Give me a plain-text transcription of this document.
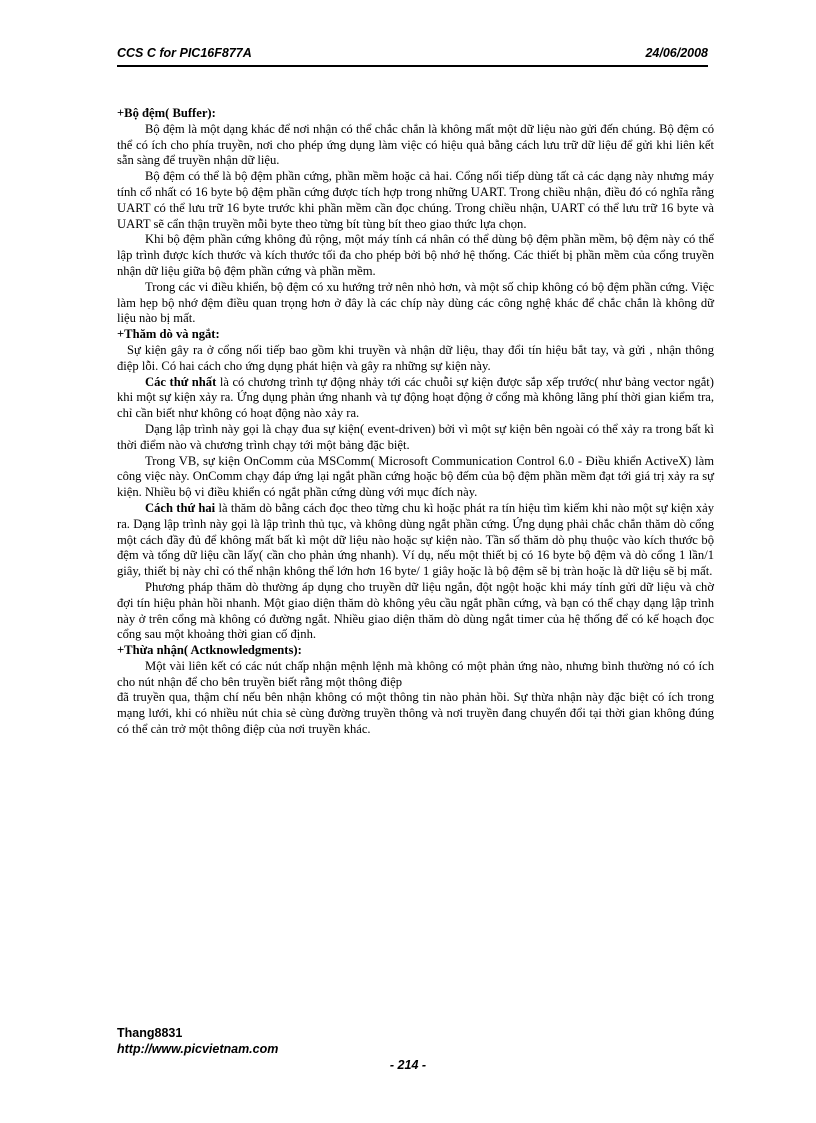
CCS C for PIC16F877A	24/06/2008

+Bộ đệm( Buffer):

Bộ đệm là một dạng khác để nơi nhận có thể chắc chắn là không mất một dữ liệu nào gửi đến chúng. Bộ đệm có thể có ích cho phía truyền, nơi cho phép ứng dụng làm việc có hiệu quả bằng cách lưu trữ dữ liệu để gửi khi liên kết sẵn sàng để truyền nhận dữ liệu.

Bộ đệm có thể là bộ đệm phần cứng, phần mềm hoặc cả hai. Cổng nối tiếp dùng tất cả các dạng này nhưng máy tính cổ nhất có 16 byte bộ đệm phần cứng được tích hợp trong những UART. Trong chiều nhận, điều đó có nghĩa rằng UART có thể lưu trữ 16 byte trước khi phần mềm cần đọc chúng. Trong chiều nhận, UART có thể lưu trữ 16 byte và UART sẽ cẩn thận truyền mỗi byte theo từng bít tùng bít theo giao thức lựa chọn.

Khi bộ đệm phần cứng không đủ rộng, một máy tính cá nhân có thể dùng bộ đệm phần mềm, bộ đệm này có thể lập trình được kích thước và kích thước tối đa cho phép bởi bộ nhớ hệ thống. Các thiết bị phần mềm của cổng truyền nhận dữ liệu giữa bộ đệm phần cứng và phần mềm.

Trong các vi điều khiển, bộ đệm có xu hướng trở nên nhỏ hơn, và một số chip không có bộ đệm phần cứng. Việc làm hẹp bộ nhớ đệm điều quan trọng hơn ở đây là các chíp này dùng các công nghệ khác để chắc chắn là không dữ liệu nào bị mất.

+Thăm dò và ngắt:

Sự kiện gây ra ở cổng nối tiếp bao gồm khi truyền và nhận dữ liệu, thay đổi tín hiệu bắt tay, và gửi , nhận thông điệp lỗi. Có hai cách cho ứng dụng phát hiện và gây ra những sự kiện này.

Các thứ nhất là có chương trình tự động nhảy tới các chuỗi sự kiện được sắp xếp trước( như bảng vector ngắt) khi một sự kiện xảy ra. Ứng dụng phản ứng nhanh và tự động hoạt động ở cổng mà không lãng phí thời gian kiểm tra, chỉ cần biết như không có hoạt động nào xảy ra.

Dạng lập trình này gọi là chạy đua sự kiện( event-driven) bởi vì một sự kiện bên ngoài có thể xảy ra trong bất kì thời điểm nào và chương trình chạy tới một bảng đặc biệt.

Trong VB, sự kiện OnComm của MSComm( Microsoft Communication Control 6.0 - Điều khiển ActiveX) làm công việc này. OnComm chạy đáp ứng lại ngắt phần cứng hoặc bộ đếm của bộ đệm phần mềm đạt tới giá trị xảy ra sự kiện. Nhiều bộ vi điều khiển có ngắt phần cứng dùng với mục đích này.

Cách thứ hai là thăm dò bằng cách đọc theo từng chu kì hoặc phát ra tín hiệu tìm kiếm khi nào một sự kiện xảy ra. Dạng lập trình này gọi là lập trình thủ tục, và không dùng ngắt phần cứng. Ứng dụng phải chắc chắn thăm dò cổng một cách đầy đủ để không mất bất kì một dữ liệu nào hoặc sự kiện nào. Tần số thăm dò phụ thuộc vào kích thước bộ đệm và tổng dữ liệu cần lấy( cần cho phản ứng nhanh). Ví dụ, nếu một thiết bị có 16 byte bộ đệm và dò cổng 1 lần/1 giây, thiết bị này chỉ có thể nhận không thể lớn hơn 16 byte/ 1 giây hoặc là bộ đệm sẽ bị tràn hoặc là dữ liệu sẽ bị mất.

Phương pháp thăm dò thường áp dụng cho truyền dữ liệu ngắn, đột ngột hoặc khi máy tính gửi dữ liệu và chờ đợi tín hiệu phản hồi nhanh. Một giao diện thăm dò không yêu cầu ngắt phần cứng, và bạn có thể chạy dạng lập trình này ở trên cổng mà không có đường ngắt. Nhiều giao diện thăm dò dùng ngắt timer của hệ thống để có kế hoạch đọc cổng sau một khoảng thời gian cố định.

+Thừa nhận( Actknowledgments):

Một vài liên kết có các nút chấp nhận mệnh lệnh mà không có một phản ứng nào, nhưng bình thường nó có ích cho nút nhận để cho bên truyền biết rằng một thông điệp

đã truyền qua, thậm chí nếu bên nhận không có một thông tin nào phản hồi. Sự thừa nhận này đặc biệt có ích trong mạng lưới, khi có nhiều nút chia sẻ cùng đường truyền thông và nơi truyền đang chuyển đổi tại thời gian không đúng có thể cản trở một thông điệp của nơi truyền khác.

Thang8831
http://www.picvietnam.com
- 214 -
